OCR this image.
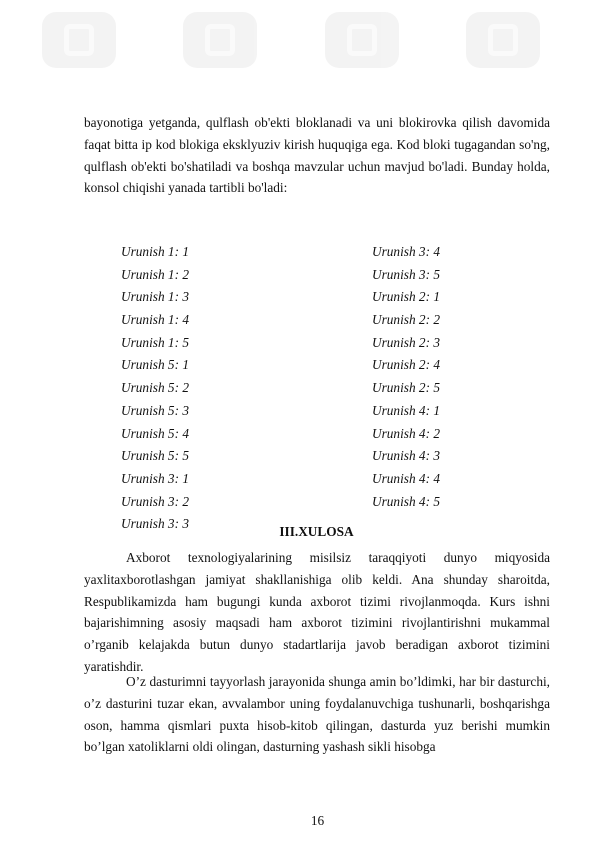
bayonotiga yetganda, qulflash ob'ekti bloklanadi va uni blokirovka qilish davomida faqat bitta ip kod blokiga eksklyuziv kirish huquqiga ega. Kod bloki tugagandan so'ng, qulflash ob'ekti bo'shatiladi va boshqa mavzular uchun mavjud bo'ladi. Bunday holda, konsol chiqishi yanada tartibli bo'ladi:

Urunish 1: 1
Urunish 1: 2
Urunish 1: 3
Urunish 1: 4
Urunish 1: 5
Urunish 5: 1
Urunish 5: 2
Urunish 5: 3
Urunish 5: 4
Urunish 5: 5
Urunish 3: 1
Urunish 3: 2
Urunish 3: 3
Urunish 3: 4
Urunish 3: 5
Urunish 2: 1
Urunish 2: 2
Urunish 2: 3
Urunish 2: 4
Urunish 2: 5
Urunish 4: 1
Urunish 4: 2
Urunish 4: 3
Urunish 4: 4
Urunish 4: 5
III.XULOSA

Axborot texnologiyalarining misilsiz taraqqiyoti dunyo miqyosida yaxlitaxborotlashgan jamiyat shakllanishiga olib keldi. Ana shunday sharoitda, Respublikamizda ham bugungi kunda axborot tizimi rivojlanmoqda. Kurs ishni bajarishimning asosiy maqsadi ham axborot tizimini rivojlantirishni mukammal o’rganib kelajakda butun dunyo stadartlarija javob beradigan axborot tizimini yaratishdir.

O’z dasturimni tayyorlash jarayonida shunga amin bo’ldimki, har bir dasturchi, o’z dasturini tuzar ekan, avvalambor uning foydalanuvchiga tushunarli, boshqarishga oson, hamma qismlari puxta hisob-kitob qilingan, dasturda yuz berishi mumkin bo’lgan xatoliklarni oldi olingan, dasturning yashash sikli hisobga

16
